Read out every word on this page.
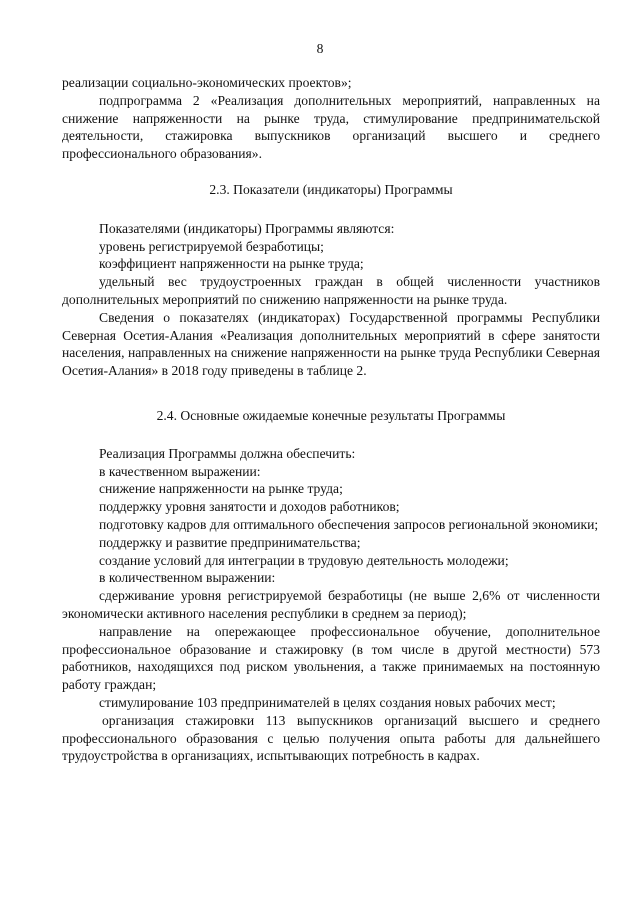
8

реализации социально-экономических проектов»;

подпрограмма 2 «Реализация дополнительных мероприятий, направленных на снижение напряженности на рынке труда, стимулирование предпринимательской деятельности, стажировка выпускников организаций высшего и среднего профессионального образования».

2.3. Показатели (индикаторы) Программы

Показателями (индикаторы) Программы являются:

уровень регистрируемой безработицы;

коэффициент напряженности на рынке труда;

удельный вес трудоустроенных граждан в общей численности участников дополнительных мероприятий по снижению напряженности на рынке труда.

Сведения о показателях (индикаторах) Государственной программы Республики Северная Осетия-Алания «Реализация дополнительных мероприятий в сфере занятости населения, направленных на снижение напряженности на рынке труда Республики Северная Осетия-Алания» в 2018 году приведены в таблице 2.

2.4. Основные ожидаемые конечные результаты Программы

Реализация Программы должна обеспечить:

в качественном выражении:

снижение напряженности на рынке труда;

поддержку уровня занятости и доходов работников;

подготовку кадров для оптимального обеспечения запросов региональной экономики;

поддержку и развитие предпринимательства;

создание условий для интеграции в трудовую деятельность молодежи;

в количественном выражении:

сдерживание уровня регистрируемой безработицы (не выше 2,6% от численности экономически активного населения республики в среднем за период);

направление на опережающее профессиональное обучение, дополнительное профессиональное образование и стажировку (в том числе в другой местности) 573 работников, находящихся под риском увольнения, а также принимаемых на постоянную работу граждан;

стимулирование 103 предпринимателей в целях создания новых рабочих мест;

организация стажировки 113 выпускников организаций высшего и среднего профессионального образования с целью получения опыта работы для дальнейшего трудоустройства в организациях, испытывающих потребность в кадрах.
